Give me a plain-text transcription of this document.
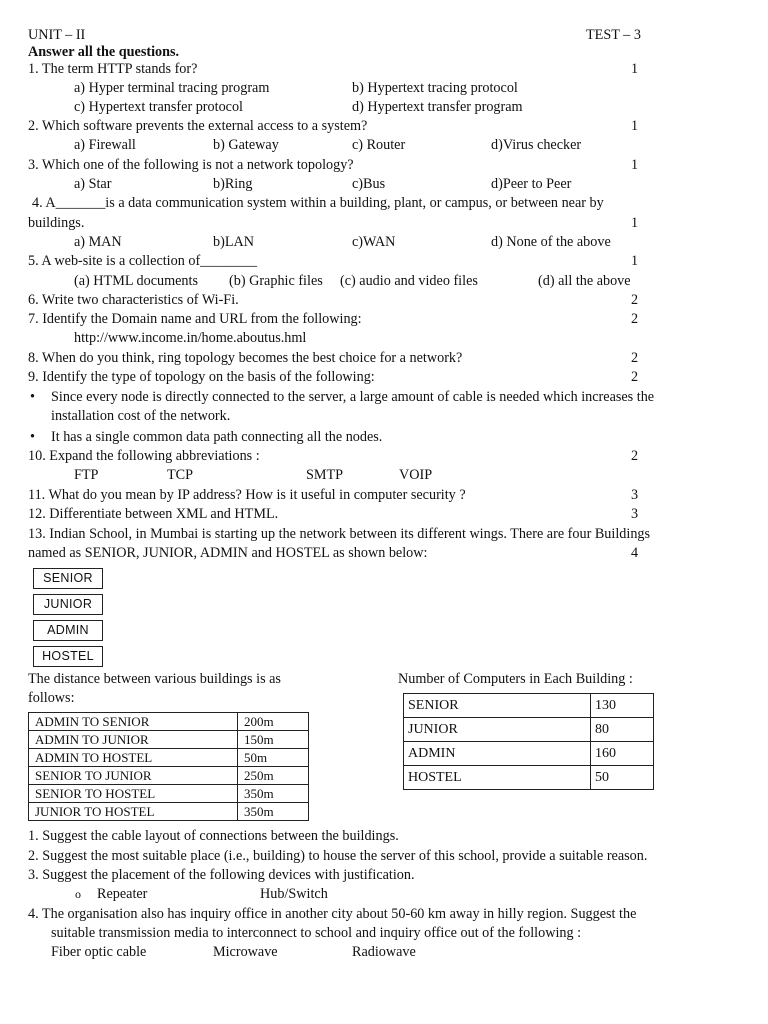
UNIT – II	TEST – 3
Answer all the questions.
1. The term HTTP stands for?	1
a) Hyper terminal tracing program	b) Hypertext tracing protocol
c) Hypertext transfer protocol	d) Hypertext transfer program
2. Which software prevents the external access to a system?	1
a) Firewall	b) Gateway	c) Router	d)Virus checker
3. Which one of the following is not a network topology?	1
a) Star	b)Ring	c)Bus	d)Peer to Peer
4. A_______is a data communication system within a building, plant, or campus, or between near by
buildings.	1
a) MAN	b)LAN	c)WAN	d) None of the above
5. A web-site is a collection of________	1
(a) HTML documents (b) Graphic files (c) audio and video files	(d) all the above
6. Write two characteristics of Wi-Fi.	2
7. Identify the Domain name and URL from the following:	2
http://www.income.in/home.aboutus.hml
8. When do you think, ring topology becomes the best choice for a network?	2
9. Identify the type of topology on the basis of the following:	2
• Since every node is directly connected to the server, a large amount of cable is needed which increases the
installation cost of the network.
• It has a single common data path connecting all the nodes.
10. Expand the following abbreviations :	2
FTP	TCP	SMTP	VOIP
11. What do you mean by IP address? How is it useful in computer security ?	3
12. Differentiate between XML and HTML.	3
13. Indian School, in Mumbai is starting up the network between its different wings. There are four Buildings
named as SENIOR, JUNIOR, ADMIN and HOSTEL as shown below:	4
SENIOR
JUNIOR
ADMIN
HOSTEL
The distance between various buildings is as
follows:
Number of Computers in Each Building :
ADMIN TO SENIOR	200m
ADMIN TO JUNIOR	150m
ADMIN TO HOSTEL	50m
SENIOR TO JUNIOR	250m
SENIOR TO HOSTEL	350m
JUNIOR TO HOSTEL	350m
SENIOR	130
JUNIOR	80
ADMIN	160
HOSTEL	50
1. Suggest the cable layout of connections between the buildings.
2. Suggest the most suitable place (i.e., building) to house the server of this school, provide a suitable reason.
3. Suggest the placement of the following devices with justification.
o Repeater	Hub/Switch
4. The organisation also has inquiry office in another city about 50-60 km away in hilly region. Suggest the
suitable transmission media to interconnect to school and inquiry office out of the following :
Fiber optic cable	Microwave	Radiowave
